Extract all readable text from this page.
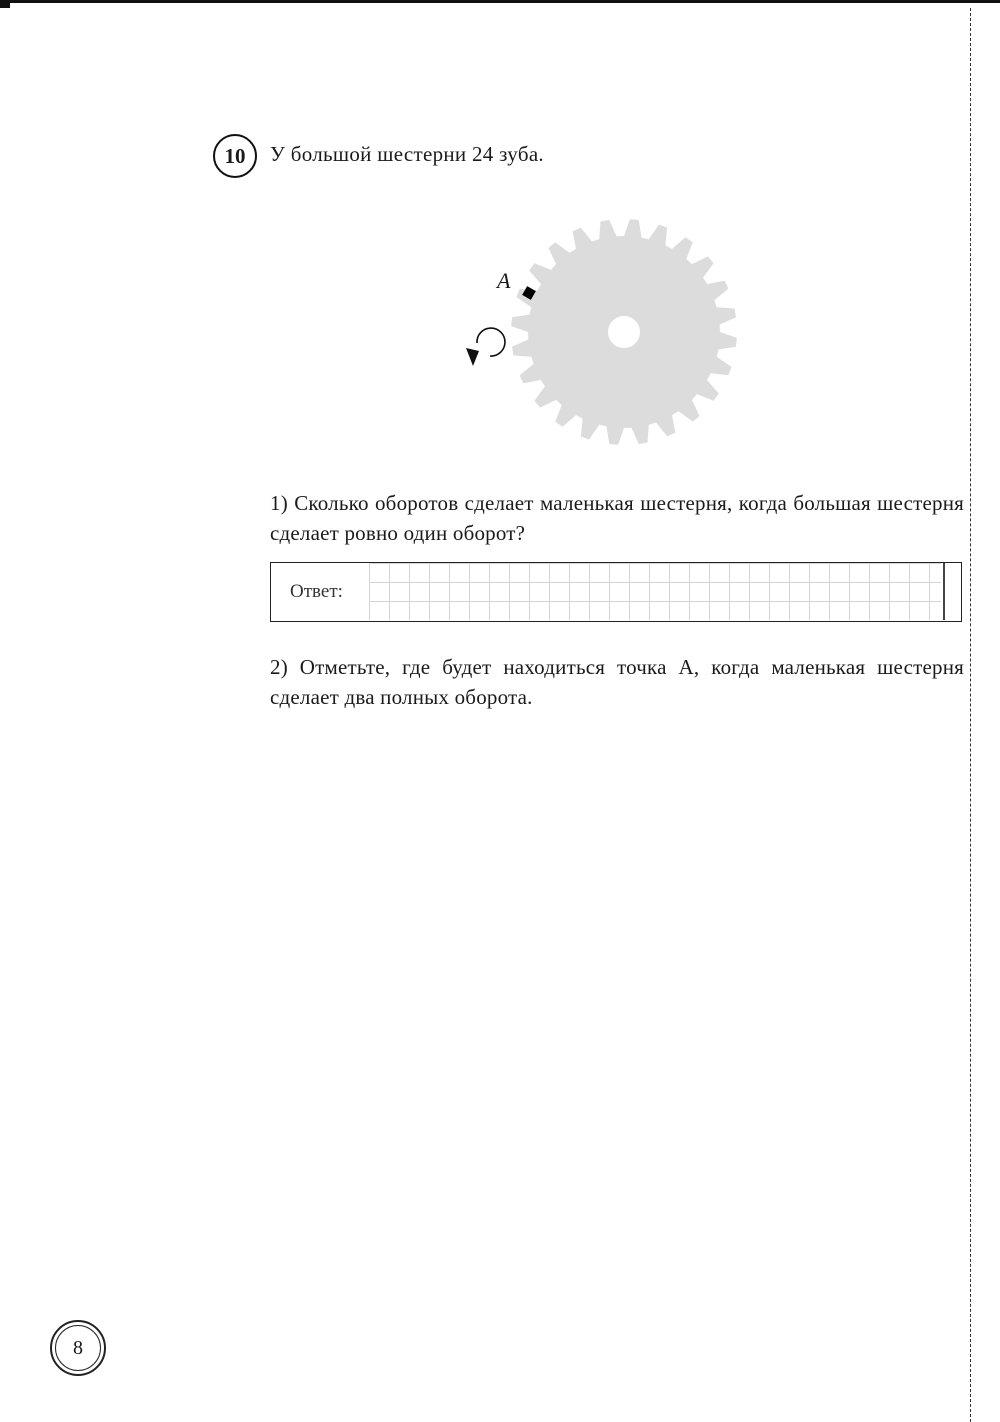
10 У большой шестерни 24 зуба.
A
1) Сколько оборотов сделает маленькая шестерня, когда большая шестерня сделает ровно один оборот?
Ответ:
2) Отметьте, где будет находиться точка A, когда маленькая шестерня сделает два полных оборота.
8
